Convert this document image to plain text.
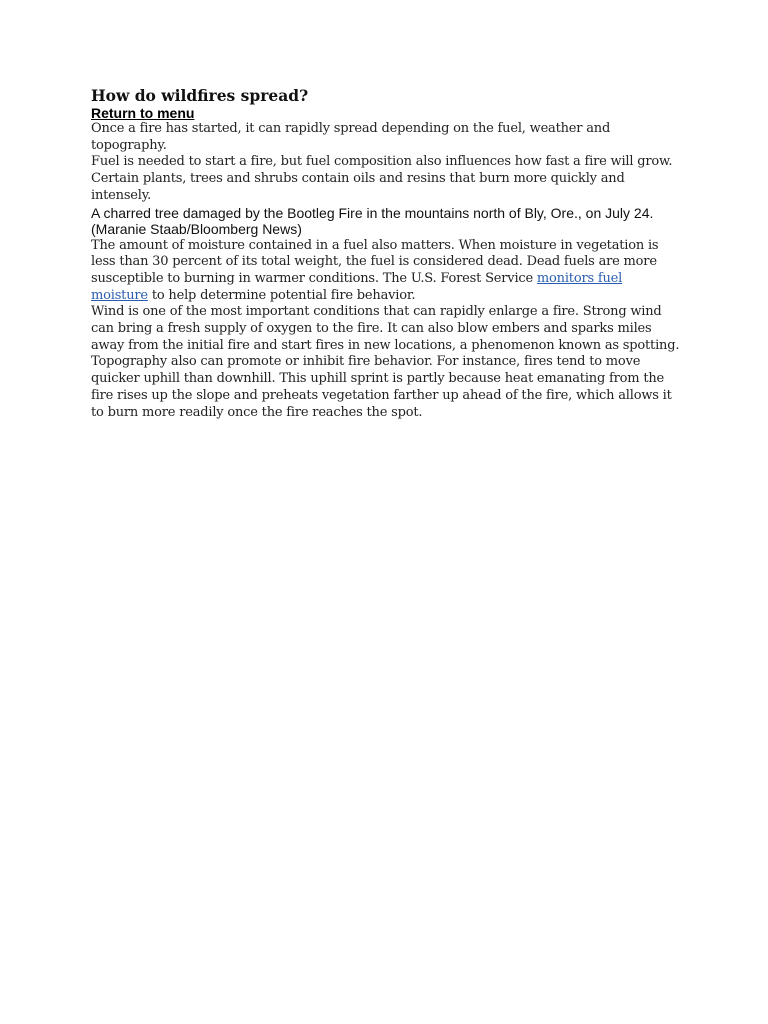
How do wildfires spread?
Return to menu

Once a fire has started, it can rapidly spread depending on the fuel, weather and topography.

Fuel is needed to start a fire, but fuel composition also influences how fast a fire will grow. Certain plants, trees and shrubs contain oils and resins that burn more quickly and intensely.

A charred tree damaged by the Bootleg Fire in the mountains north of Bly, Ore., on July 24. (Maranie Staab/Bloomberg News)

The amount of moisture contained in a fuel also matters. When moisture in vegetation is less than 30 percent of its total weight, the fuel is considered dead. Dead fuels are more susceptible to burning in warmer conditions. The U.S. Forest Service monitors fuel moisture to help determine potential fire behavior.

Wind is one of the most important conditions that can rapidly enlarge a fire. Strong wind can bring a fresh supply of oxygen to the fire. It can also blow embers and sparks miles away from the initial fire and start fires in new locations, a phenomenon known as spotting.

Topography also can promote or inhibit fire behavior. For instance, fires tend to move quicker uphill than downhill. This uphill sprint is partly because heat emanating from the fire rises up the slope and preheats vegetation farther up ahead of the fire, which allows it to burn more readily once the fire reaches the spot.
